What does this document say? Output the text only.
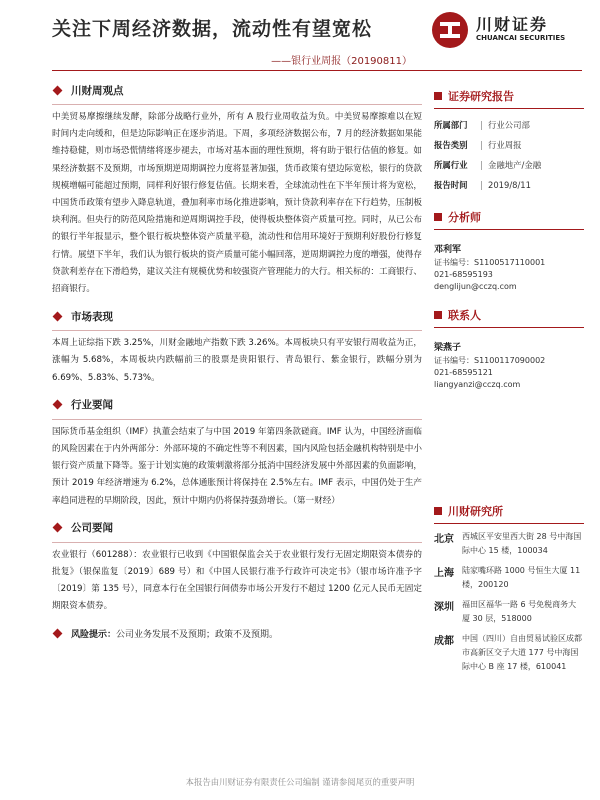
关注下周经济数据，流动性有望宽松
——银行业周报（20190811）
川财证券
CHUANCAI SECURITIES
川财周观点

中美贸易摩擦继续发酵，除部分战略行业外，所有 A 股行业周收益为负。中美贸易摩擦难以在短时间内走向缓和，但是边际影响正在逐步消退。下周，多项经济数据公布，7 月的经济数据如果能维持稳健，则市场恐慌情绪将逐步褪去，市场对基本面的理性预期，将有助于银行估值的修复。如果经济数据不及预期，市场预期逆周期调控力度将显著加强，货币政策有望边际宽松，银行的贷款规模增幅可能超过预期，同样利好银行修复估值。长期来看，全球流动性在下半年预计将为宽松，中国货币政策有望步入降息轨道，叠加利率市场化推进影响，预计贷款利率存在下行趋势，压制板块利润。但央行的防范风险措施和逆周期调控手段，使得板块整体资产质量可控。同时，从已公布的银行半年报显示，整个银行板块整体资产质量平稳，流动性和信用环境好于预期利好股份行修复行情。展望下半年，我们认为银行板块的资产质量可能小幅回落，逆周期调控力度的增强，使得存贷款利差存在下滑趋势，建议关注有规模优势和较强资产管理能力的大行。相关标的：工商银行、招商银行。

市场表现

本周上证综指下跌 3.25%，川财金融地产指数下跌 3.26%。本周板块只有平安银行周收益为正，涨幅为 5.68%，本周板块内跌幅前三的股票是贵阳银行、青岛银行、紫金银行，跌幅分别为 6.69%、5.83%、5.73%。

行业要闻

国际货币基金组织（IMF）执董会结束了与中国 2019 年第四条款磋商。IMF 认为，中国经济面临的风险因素在于内外两部分：外部环境的不确定性等不利因素，国内风险包括金融机构特别是中小银行资产质量下降等。鉴于计划实施的政策刺激将部分抵消中国经济发展中外部因素的负面影响，预计 2019 年经济增速为 6.2%，总体通胀预计将保持在 2.5%左右。IMF 表示，中国仍处于生产率趋同进程的早期阶段，因此，预计中期内仍将保持强劲增长。（第一财经）

公司要闻

农业银行（601288）：农业银行已收到《中国银保监会关于农业银行发行无固定期限资本债券的批复》（银保监复〔2019〕689 号）和《中国人民银行准予行政许可决定书》（银市场许准予字〔2019〕第 135 号），同意本行在全国银行间债券市场公开发行不超过 1200 亿元人民币无固定期限资本债券。

风险提示： 公司业务发展不及预期；政策不及预期。
证券研究报告
所属部门	| 行业公司部
报告类别	| 行业周报
所属行业	| 金融地产/金融
报告时间	| 2019/8/11
分析师
邓利军
证书编号：S1100517110001
021-68595193
denglijun@cczq.com
联系人
梁燕子
证书编号：S1100117090002
021-68595121
liangyanzi@cczq.com
川财研究所
北京	西城区平安里西大街 28 号中海国际中心 15 楼，100034
上海	陆家嘴环路 1000 号恒生大厦 11 楼，200120
深圳	福田区福华一路 6 号免税商务大厦 30 层，518000
成都	中国（四川）自由贸易试验区成都市高新区交子大道 177 号中海国际中心 B 座 17 楼，610041
本报告由川财证券有限责任公司编制 谨请参阅尾页的重要声明
